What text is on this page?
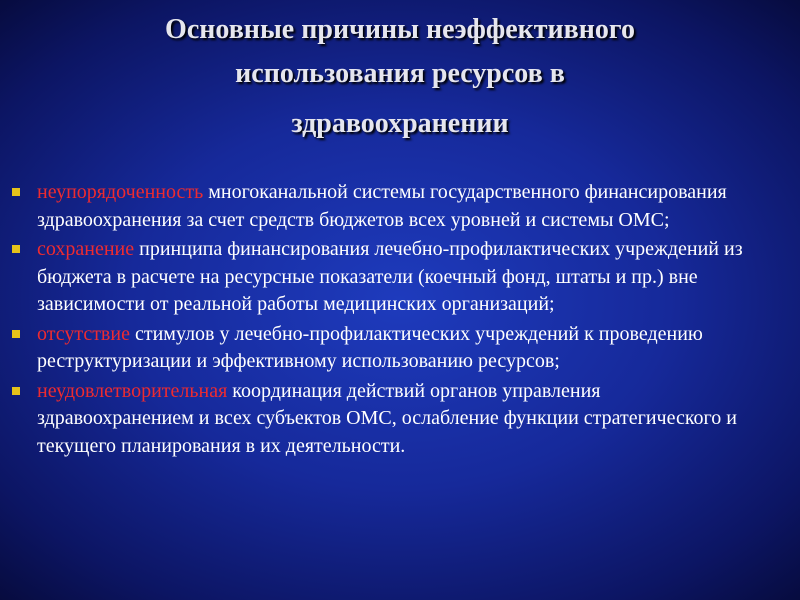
Основные причины неэффективного
использования ресурсов в
здравоохранении
неупорядоченность многоканальной системы государственного финансирования здравоохранения за счет средств бюджетов всех уровней и системы ОМС;
сохранение принципа финансирования лечебно-профилактических учреждений из бюджета в расчете на ресурсные показатели (коечный фонд, штаты и пр.) вне зависимости от реальной работы медицинских организаций;
отсутствие стимулов у лечебно-профилактических учреждений к проведению реструктуризации и эффективному использованию ресурсов;
неудовлетворительная координация действий органов управления здравоохранением и всех субъектов ОМС, ослабление функции стратегического и текущего планирования в их деятельности.
